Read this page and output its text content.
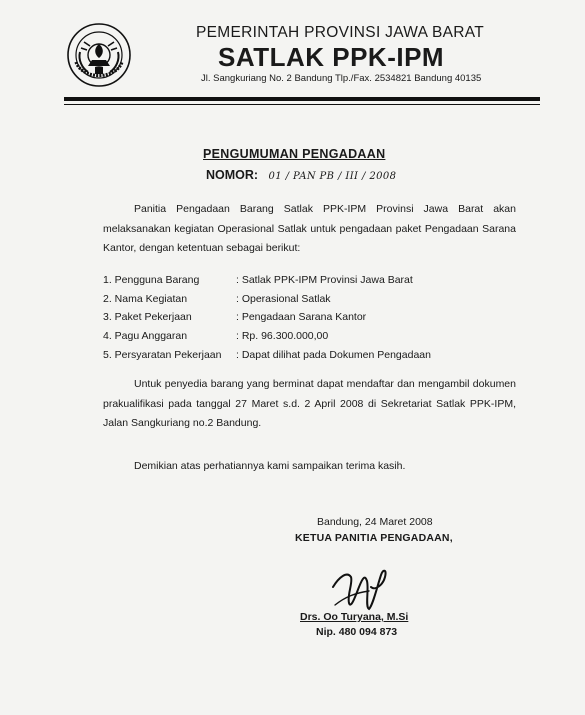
PEMERINTAH PROVINSI JAWA BARAT
SATLAK PPK-IPM
Jl. Sangkuriang No. 2 Bandung Tlp./Fax. 2534821 Bandung 40135
PENGUMUMAN PENGADAAN
NOMOR: 01 / PAN PB / III / 2008
Panitia Pengadaan Barang Satlak PPK-IPM Provinsi Jawa Barat akan melaksanakan kegiatan Operasional Satlak untuk pengadaan paket Pengadaan Sarana Kantor, dengan ketentuan sebagai berikut:
1. Pengguna Barang	: Satlak PPK-IPM Provinsi Jawa Barat
2. Nama Kegiatan	: Operasional Satlak
3. Paket Pekerjaan	: Pengadaan Sarana Kantor
4. Pagu Anggaran	: Rp. 96.300.000,00
5. Persyaratan Pekerjaan : Dapat dilihat pada Dokumen Pengadaan
Untuk penyedia barang yang berminat dapat mendaftar dan mengambil dokumen prakualifikasi pada tanggal 27 Maret s.d. 2 April 2008 di Sekretariat Satlak PPK-IPM, Jalan Sangkuriang no.2 Bandung.
Demikian atas perhatiannya kami sampaikan terima kasih.
Bandung, 24 Maret 2008
KETUA PANITIA PENGADAAN,
Drs. Oo Turyana, M.Si
Nip. 480 094 873
